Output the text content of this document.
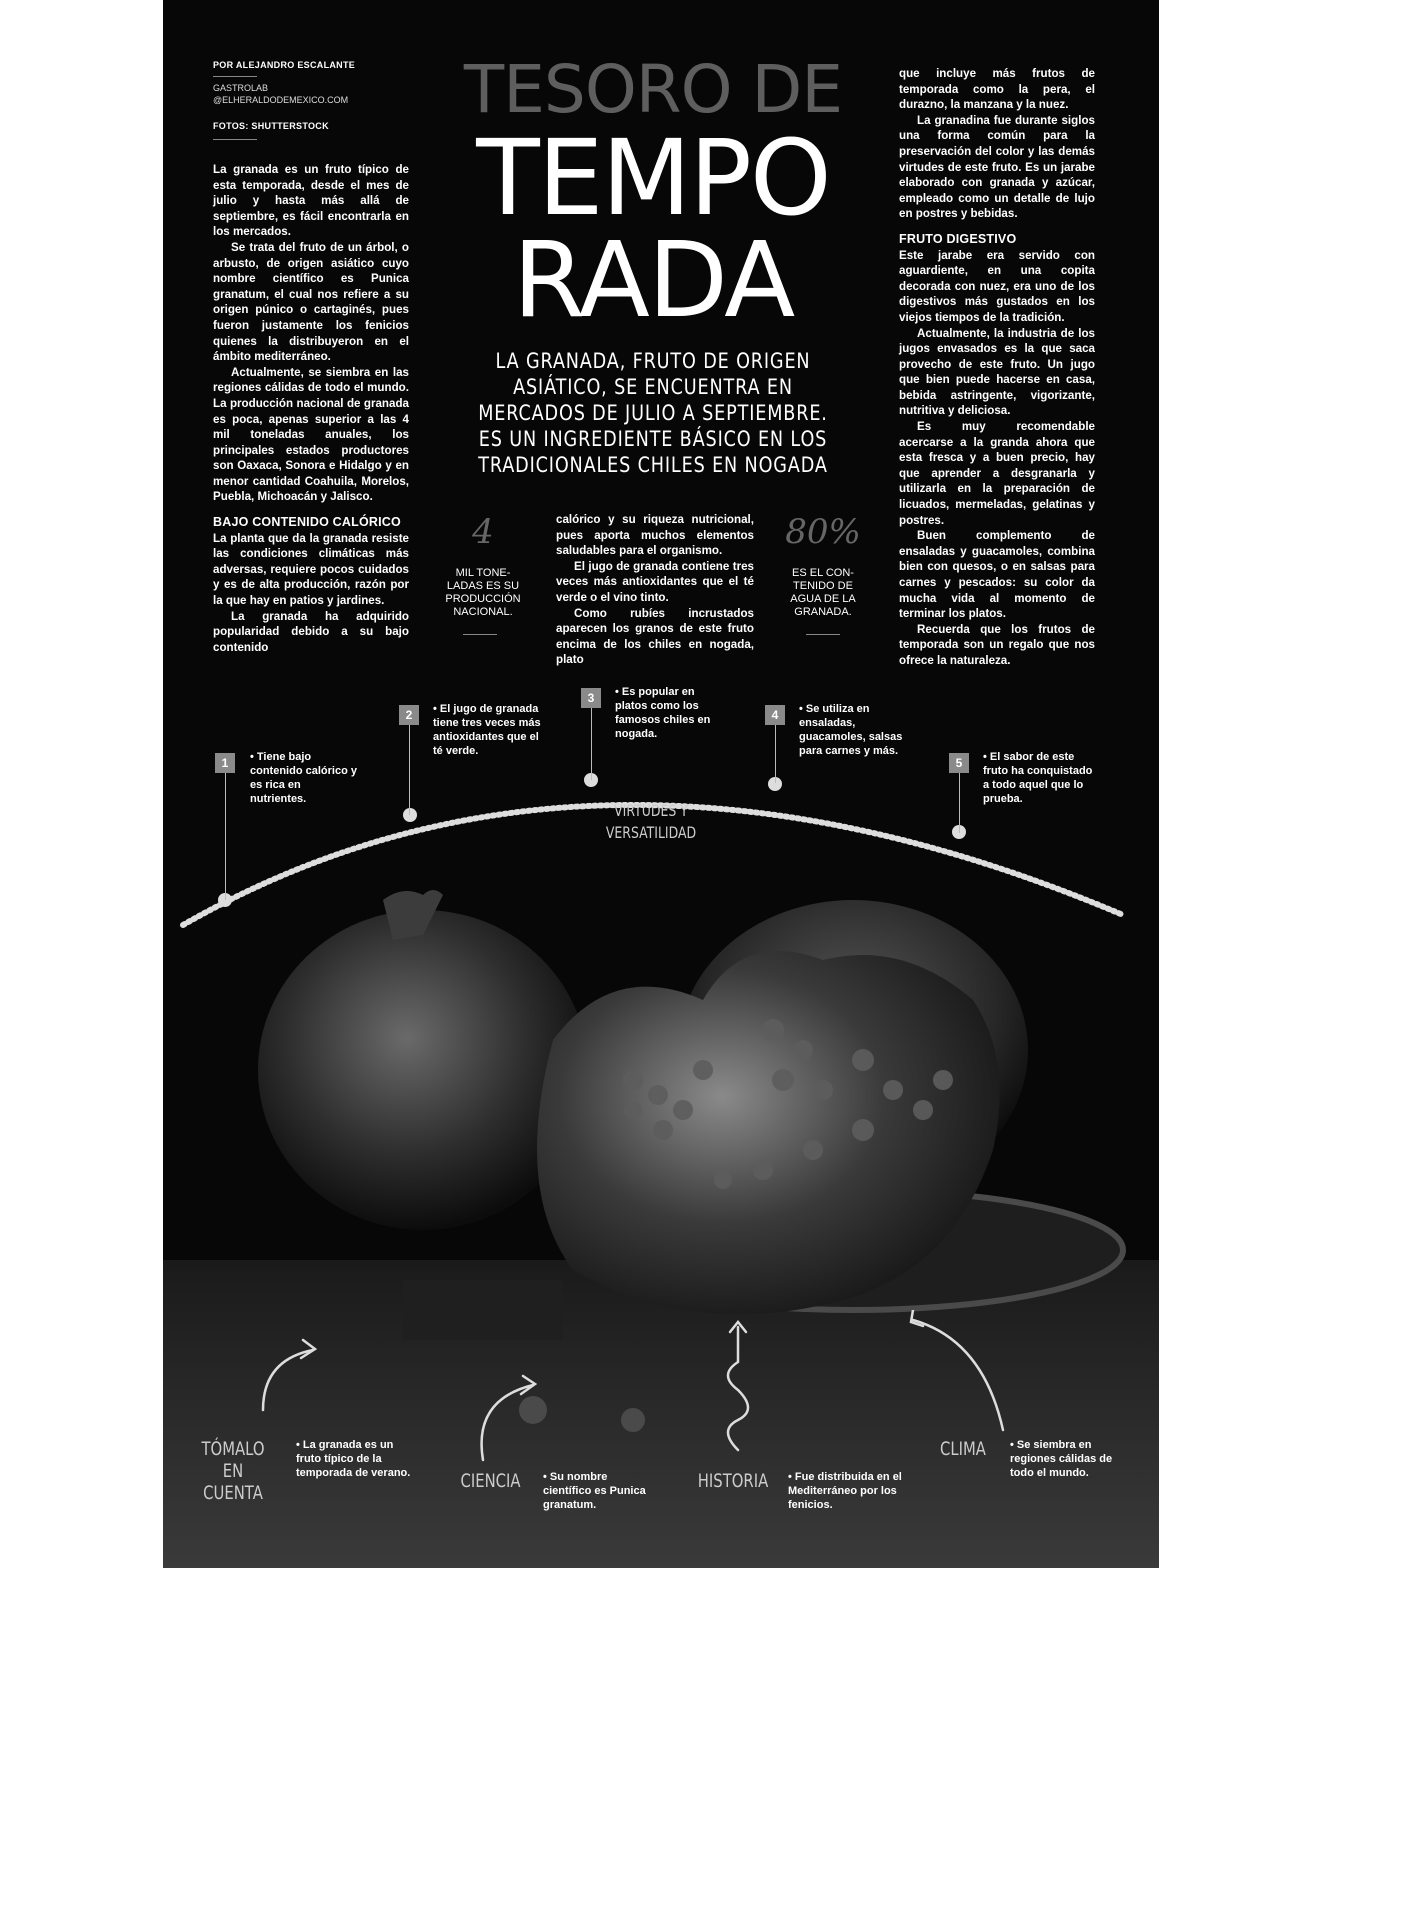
POR ALEJANDRO ESCALANTE
GASTROLAB
@ELHERALDODEMEXICO.COM
FOTOS: SHUTTERSTOCK

La granada es un fruto típico de esta temporada, desde el mes de julio y hasta más allá de septiembre, es fácil encontrarla en los mercados.

Se trata del fruto de un árbol, o arbusto, de origen asiático cuyo nombre científico es Punica granatum, el cual nos refiere a su origen púnico o cartaginés, pues fueron justamente los fenicios quienes la distribuyeron en el ámbito mediterráneo.

Actualmente, se siembra en las regiones cálidas de todo el mundo. La producción nacional de granada es poca, apenas superior a las 4 mil toneladas anuales, los principales estados productores son Oaxaca, Sonora e Hidalgo y en menor cantidad Coahuila, Morelos, Puebla, Michoacán y Jalisco.

BAJO CONTENIDO CALÓRICO

La planta que da la granada resiste las condiciones climáticas más adversas, requiere pocos cuidados y es de alta producción, razón por la que hay en patios y jardines.

La granada ha adquirido popularidad debido a su bajo contenido

TESORO DE
TEMPO
RADA
LA GRANADA, FRUTO DE ORIGEN ASIÁTICO, SE ENCUENTRA EN MERCADOS DE JULIO A SEPTIEMBRE. ES UN INGREDIENTE BÁSICO EN LOS TRADICIONALES CHILES EN NOGADA
4
MIL TONE-LADAS ES SU PRODUCCIÓN NACIONAL.
80%
ES EL CON-TENIDO DE AGUA DE LA GRANADA.

calórico y su riqueza nutricional, pues aporta muchos elementos saludables para el organismo.

El jugo de granada contiene tres veces más antioxidantes que el té verde o el vino tinto.

Como rubíes incrustados aparecen los granos de este fruto encima de los chiles en nogada, plato

que incluye más frutos de temporada como la pera, el durazno, la manzana y la nuez.

La granadina fue durante siglos una forma común para la preservación del color y las demás virtudes de este fruto. Es un jarabe elaborado con granada y azúcar, empleado como un detalle de lujo en postres y bebidas.

FRUTO DIGESTIVO

Este jarabe era servido con aguardiente, en una copita decorada con nuez, era uno de los digestivos más gustados en los viejos tiempos de la tradición.

Actualmente, la industria de los jugos envasados es la que saca provecho de este fruto. Un jugo que bien puede hacerse en casa, bebida astringente, vigorizante, nutritiva y deliciosa.

Es muy recomendable acercarse a la granda ahora que esta fresca y a buen precio, hay que aprender a desgranarla y utilizarla en la preparación de licuados, mermeladas, gelatinas y postres.

Buen complemento de ensaladas y guacamoles, combina bien con quesos, o en salsas para carnes y pescados: su color da mucha vida al momento de terminar los platos.

Recuerda que los frutos de temporada son un regalo que nos ofrece la naturaleza.

VIRTUDES Y VERSATILIDAD
1	• Tiene bajo contenido calórico y es rica en nutrientes.
2	• El jugo de granada tiene tres veces más antioxidantes que el té verde.
3	• Es popular en platos como los famosos chiles en nogada.
4	• Se utiliza en ensaladas, guacamoles, salsas para carnes y más.
5	• El sabor de este fruto ha conquistado a todo aquel que lo prueba.
TÓMALO EN CUENTA
• La granada es un fruto típico de la temporada de verano.	CIENCIA	• Su nombre científico es Punica granatum.
HISTORIA	• Fue distribuida en el Mediterráneo por los fenicios.
CLIMA	• Se siembra en regiones cálidas de todo el mundo.
